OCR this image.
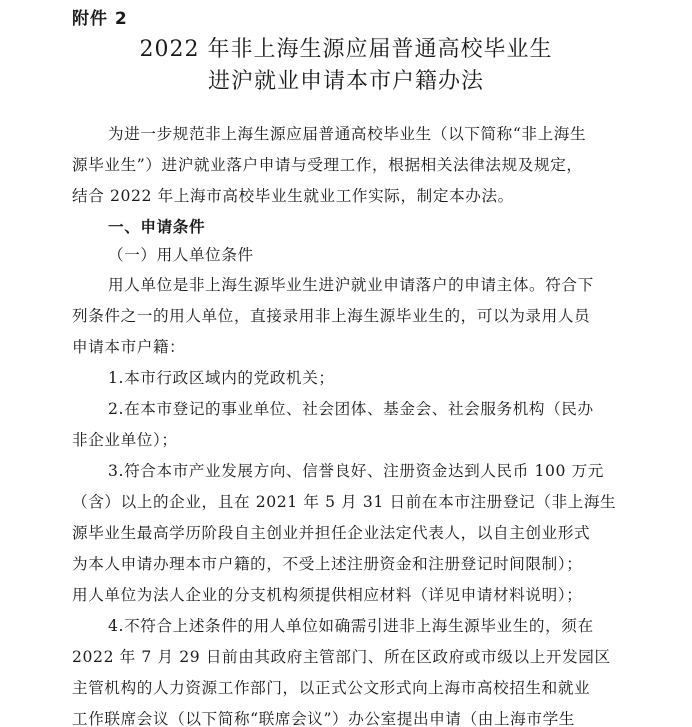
附件 2
2022 年非上海生源应届普通高校毕业生
进沪就业申请本市户籍办法
为进一步规范非上海生源应届普通高校毕业生（以下简称“非上海生
源毕业生”）进沪就业落户申请与受理工作，根据相关法律法规及规定，
结合 2022 年上海市高校毕业生就业工作实际，制定本办法。
一、申请条件
（一）用人单位条件
用人单位是非上海生源毕业生进沪就业申请落户的申请主体。符合下
列条件之一的用人单位，直接录用非上海生源毕业生的，可以为录用人员
申请本市户籍：
1.本市行政区域内的党政机关；
2.在本市登记的事业单位、社会团体、基金会、社会服务机构（民办
非企业单位）；
3.符合本市产业发展方向、信誉良好、注册资金达到人民币 100 万元
（含）以上的企业，且在 2021 年 5 月 31 日前在本市注册登记（非上海生
源毕业生最高学历阶段自主创业并担任企业法定代表人，以自主创业形式
为本人申请办理本市户籍的，不受上述注册资金和注册登记时间限制）；
用人单位为法人企业的分支机构须提供相应材料（详见申请材料说明）；
4.不符合上述条件的用人单位如确需引进非上海生源毕业生的，须在
2022 年 7 月 29 日前由其政府主管部门、所在区政府或市级以上开发园区
主管机构的人力资源工作部门，以正式公文形式向上海市高校招生和就业
工作联席会议（以下简称“联席会议”）办公室提出申请（由上海市学生
